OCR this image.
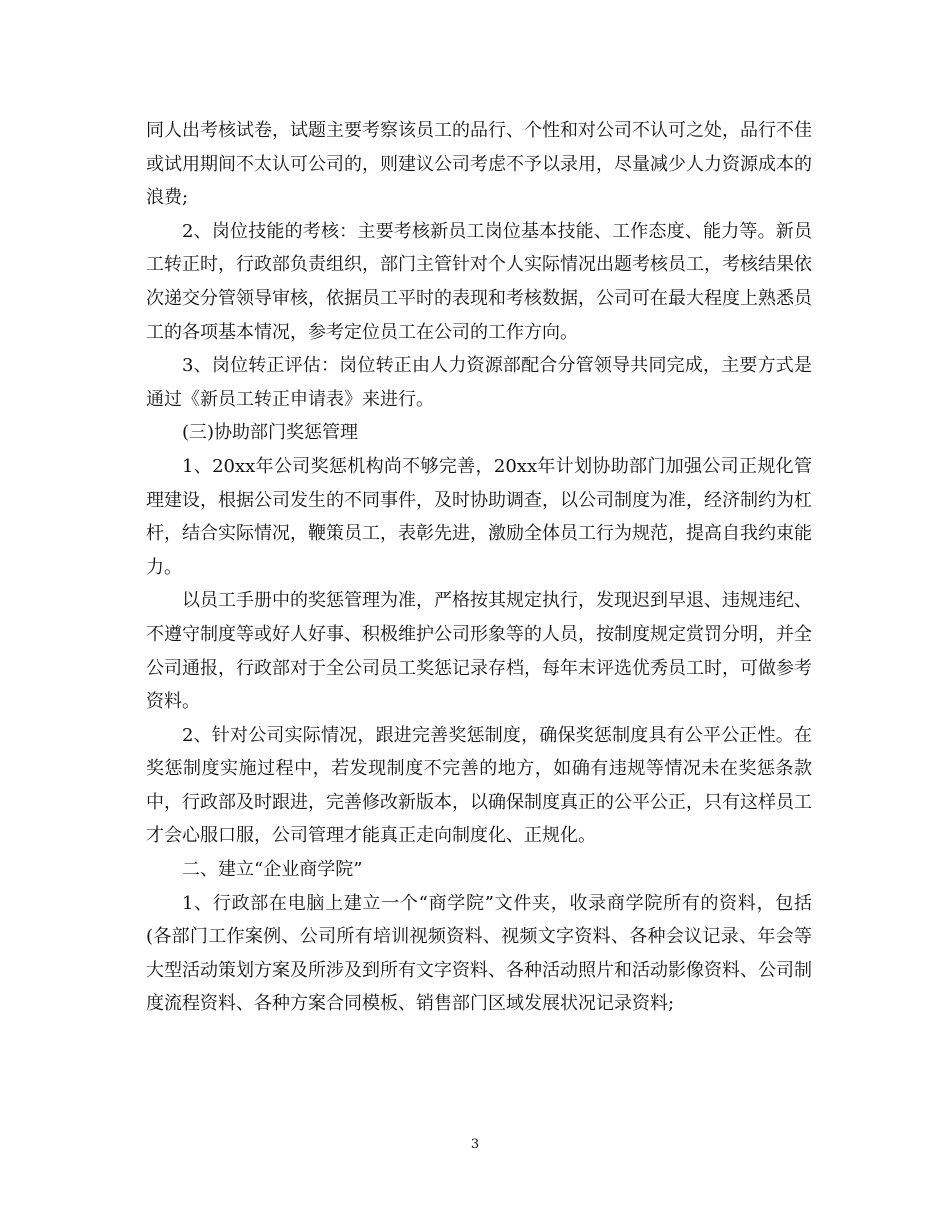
同人出考核试卷，试题主要考察该员工的品行、个性和对公司不认可之处，品行不佳或试用期间不太认可公司的，则建议公司考虑不予以录用，尽量减少人力资源成本的浪费;

2、岗位技能的考核：主要考核新员工岗位基本技能、工作态度、能力等。新员工转正时，行政部负责组织，部门主管针对个人实际情况出题考核员工，考核结果依次递交分管领导审核，依据员工平时的表现和考核数据，公司可在最大程度上熟悉员工的各项基本情况，参考定位员工在公司的工作方向。

3、岗位转正评估：岗位转正由人力资源部配合分管领导共同完成，主要方式是通过《新员工转正申请表》来进行。

(三)协助部门奖惩管理

1、20xx年公司奖惩机构尚不够完善，20xx年计划协助部门加强公司正规化管理建设，根据公司发生的不同事件，及时协助调查，以公司制度为准，经济制约为杠杆，结合实际情况，鞭策员工，表彰先进，激励全体员工行为规范，提高自我约束能力。

以员工手册中的奖惩管理为准，严格按其规定执行，发现迟到早退、违规违纪、不遵守制度等或好人好事、积极维护公司形象等的人员，按制度规定赏罚分明，并全公司通报，行政部对于全公司员工奖惩记录存档，每年末评选优秀员工时，可做参考资料。

2、针对公司实际情况，跟进完善奖惩制度，确保奖惩制度具有公平公正性。在奖惩制度实施过程中，若发现制度不完善的地方，如确有违规等情况未在奖惩条款中，行政部及时跟进，完善修改新版本，以确保制度真正的公平公正，只有这样员工才会心服口服，公司管理才能真正走向制度化、正规化。

二、建立“企业商学院”

1、行政部在电脑上建立一个“商学院”文件夹，收录商学院所有的资料，包括(各部门工作案例、公司所有培训视频资料、视频文字资料、各种会议记录、年会等大型活动策划方案及所涉及到所有文字资料、各种活动照片和活动影像资料、公司制度流程资料、各种方案合同模板、销售部门区域发展状况记录资料;

3
